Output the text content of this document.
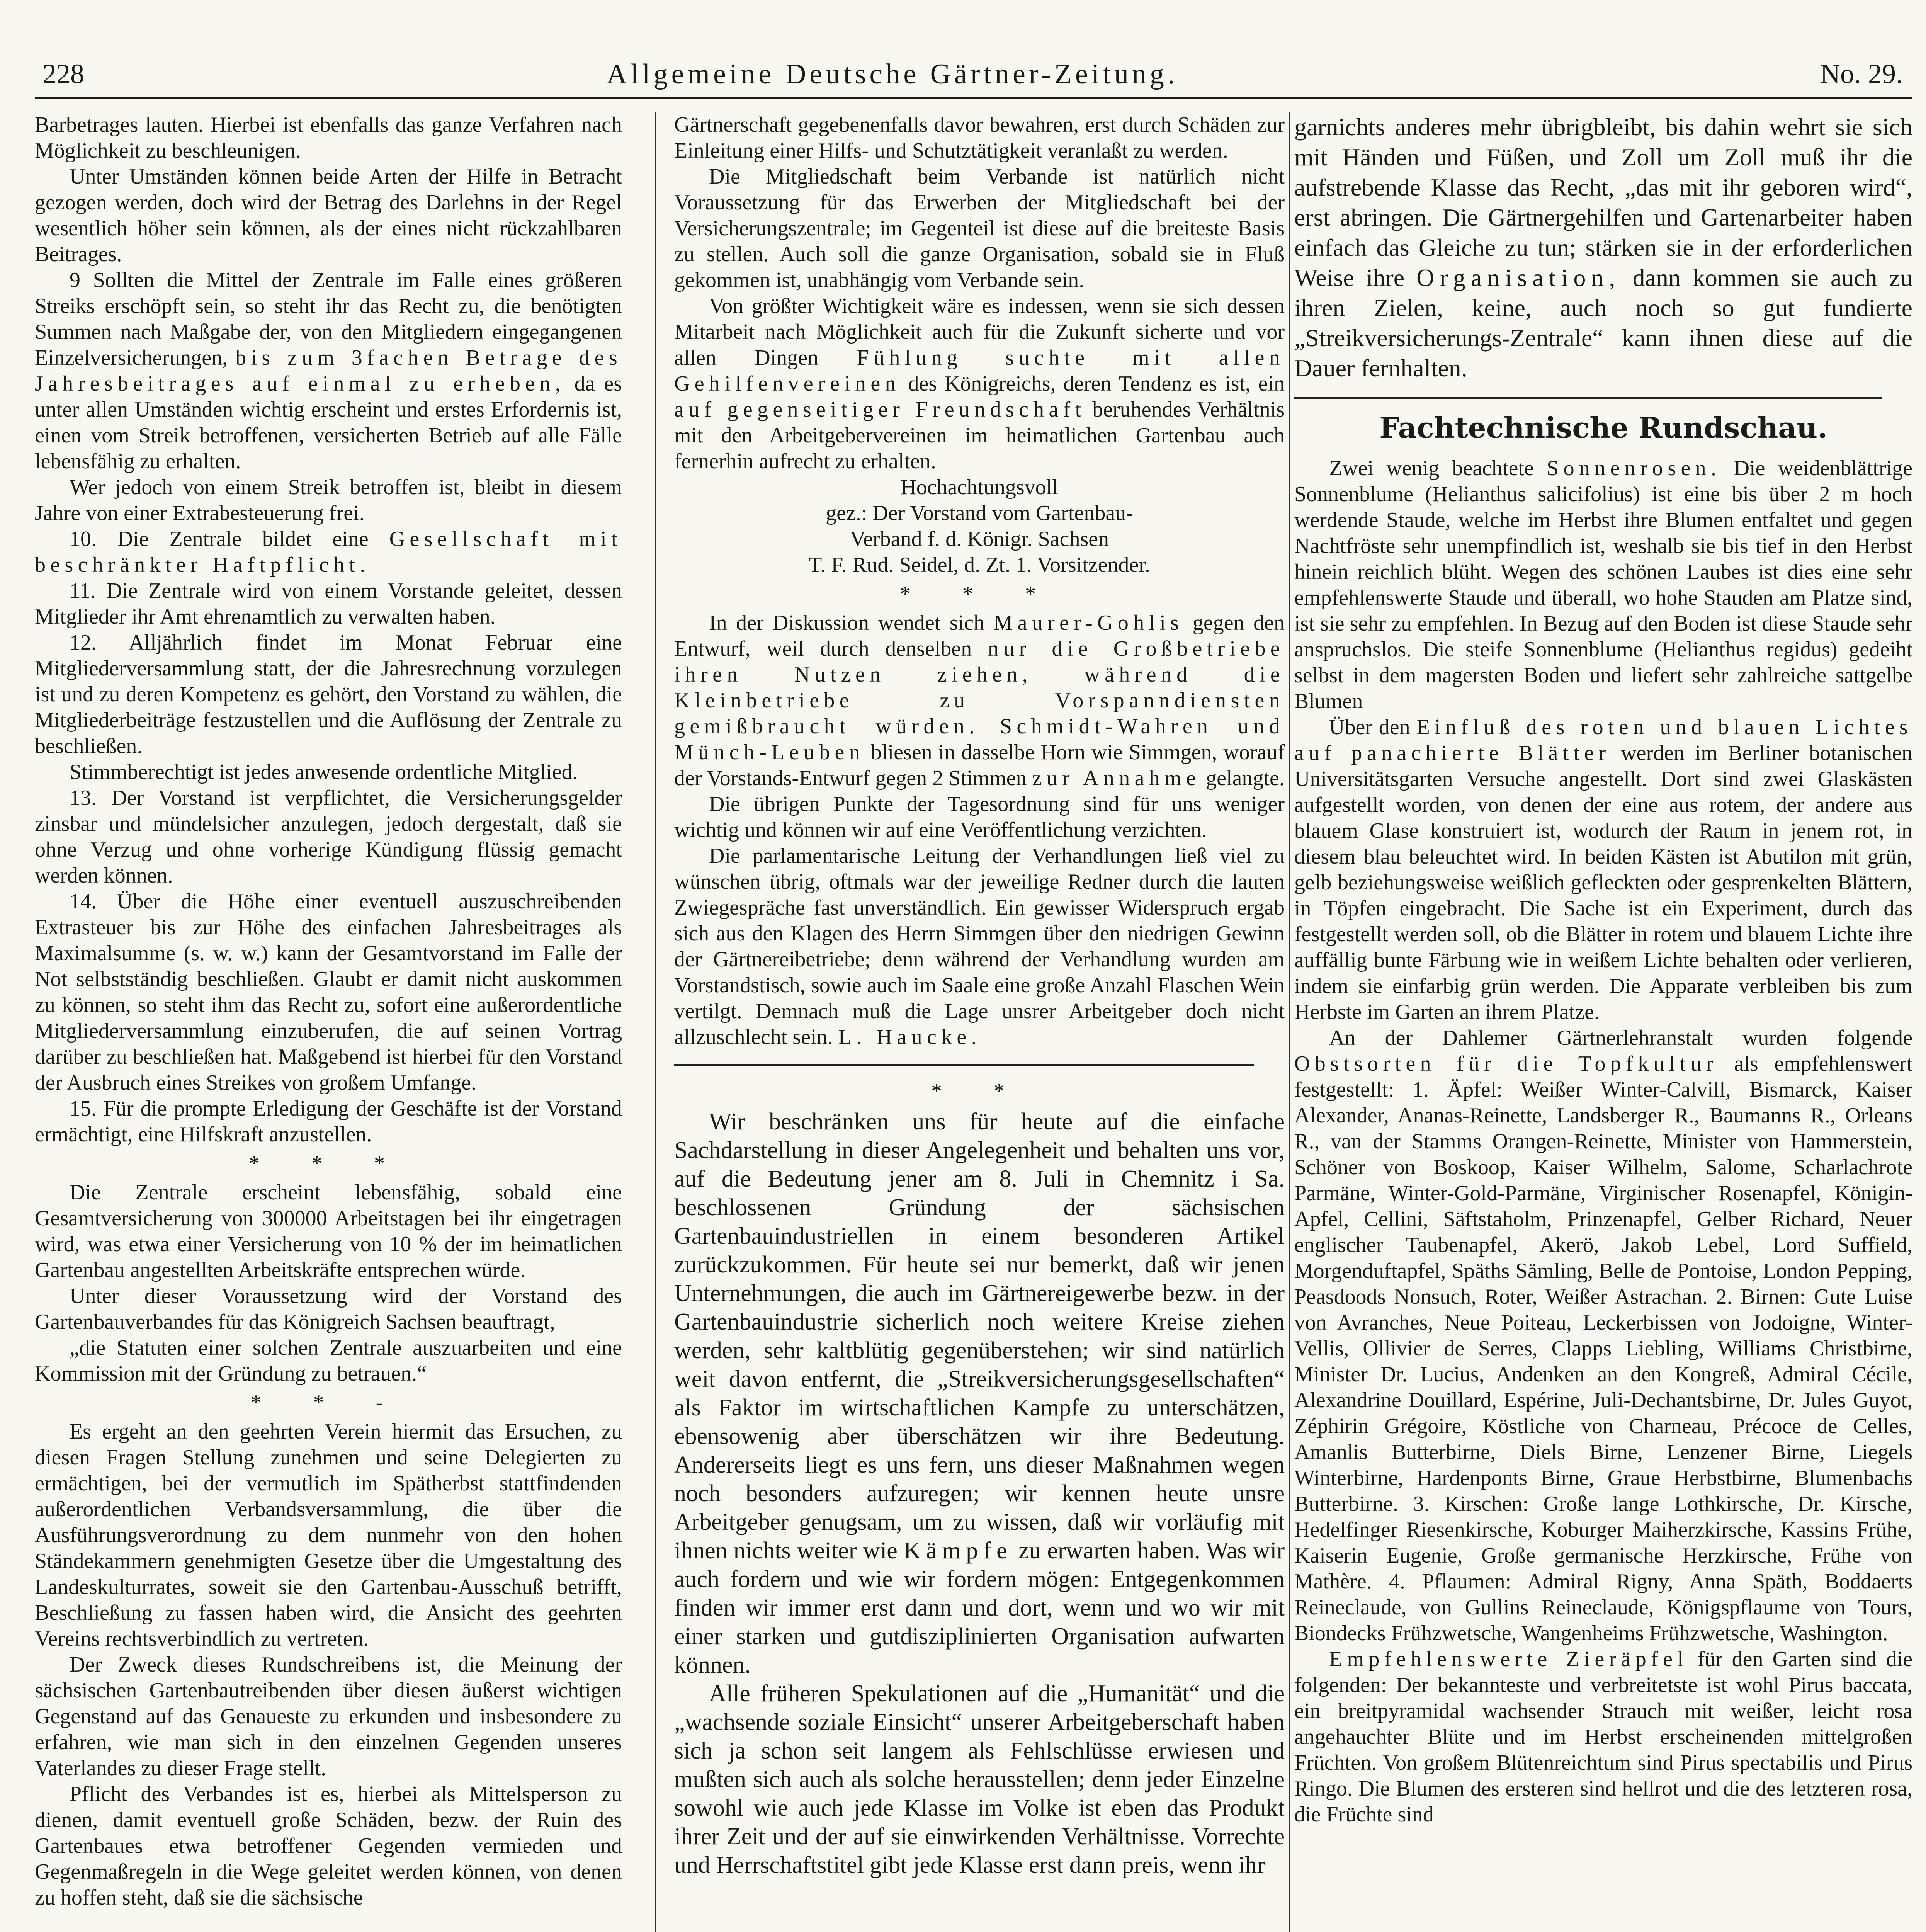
228	Allgemeine Deutsche Gärtner-Zeitung.	No. 29.

Barbetrages lauten. Hierbei ist ebenfalls das ganze Verfahren nach Möglichkeit zu beschleunigen.

Unter Umständen können beide Arten der Hilfe in Betracht gezogen werden, doch wird der Betrag des Darlehns in der Regel wesentlich höher sein können, als der eines nicht rückzahlbaren Beitrages.

9 Sollten die Mittel der Zentrale im Falle eines größeren Streiks erschöpft sein, so steht ihr das Recht zu, die benötigten Summen nach Maßgabe der, von den Mitgliedern eingegangenen Einzelversicherungen, bis zum 3fachen Betrage des Jahresbeitrages auf einmal zu erheben, da es unter allen Umständen wichtig erscheint und erstes Erfordernis ist, einen vom Streik betroffenen, versicherten Betrieb auf alle Fälle lebensfähig zu erhalten.

Wer jedoch von einem Streik betroffen ist, bleibt in diesem Jahre von einer Extrabesteuerung frei.

10. Die Zentrale bildet eine Gesellschaft mit beschränkter Haftpflicht.

11. Die Zentrale wird von einem Vorstande geleitet, dessen Mitglieder ihr Amt ehrenamtlich zu verwalten haben.

12. Alljährlich findet im Monat Februar eine Mitgliederversammlung statt, der die Jahresrechnung vorzulegen ist und zu deren Kompetenz es gehört, den Vorstand zu wählen, die Mitgliederbeiträge festzustellen und die Auflösung der Zentrale zu beschließen.

Stimmberechtigt ist jedes anwesende ordentliche Mitglied.

13. Der Vorstand ist verpflichtet, die Versicherungsgelder zinsbar und mündelsicher anzulegen, jedoch dergestalt, daß sie ohne Verzug und ohne vorherige Kündigung flüssig gemacht werden können.

14. Über die Höhe einer eventuell auszuschreibenden Extrasteuer bis zur Höhe des einfachen Jahresbeitrages als Maximalsumme (s. w. w.) kann der Gesamtvorstand im Falle der Not selbstständig beschließen. Glaubt er damit nicht auskommen zu können, so steht ihm das Recht zu, sofort eine außerordentliche Mitgliederversammlung einzuberufen, die auf seinen Vortrag darüber zu beschließen hat. Maßgebend ist hierbei für den Vorstand der Ausbruch eines Streikes von großem Umfange.

15. Für die prompte Erledigung der Geschäfte ist der Vorstand ermächtigt, eine Hilfskraft anzustellen.

* * *

Die Zentrale erscheint lebensfähig, sobald eine Gesamtversicherung von 300000 Arbeitstagen bei ihr eingetragen wird, was etwa einer Versicherung von 10 % der im heimatlichen Gartenbau angestellten Arbeitskräfte entsprechen würde.

Unter dieser Voraussetzung wird der Vorstand des Gartenbauverbandes für das Königreich Sachsen beauftragt,

„die Statuten einer solchen Zentrale auszuarbeiten und eine Kommission mit der Gründung zu betrauen.“

* * -

Es ergeht an den geehrten Verein hiermit das Ersuchen, zu diesen Fragen Stellung zunehmen und seine Delegierten zu ermächtigen, bei der vermutlich im Spätherbst stattfindenden außerordentlichen Verbandsversammlung, die über die Ausführungsverordnung zu dem nunmehr von den hohen Ständekammern genehmigten Gesetze über die Umgestaltung des Landeskulturrates, soweit sie den Gartenbau-Ausschuß betrifft, Beschließung zu fassen haben wird, die Ansicht des geehrten Vereins rechtsverbindlich zu vertreten.

Der Zweck dieses Rundschreibens ist, die Meinung der sächsischen Gartenbautreibenden über diesen äußerst wichtigen Gegenstand auf das Genaueste zu erkunden und insbesondere zu erfahren, wie man sich in den einzelnen Gegenden unseres Vaterlandes zu dieser Frage stellt.

Pflicht des Verbandes ist es, hierbei als Mittelsperson zu dienen, damit eventuell große Schäden, bezw. der Ruin des Gartenbaues etwa betroffener Gegenden vermieden und Gegenmaßregeln in die Wege geleitet werden können, von denen zu hoffen steht, daß sie die sächsische

Gärtnerschaft gegebenenfalls davor bewahren, erst durch Schäden zur Einleitung einer Hilfs- und Schutztätigkeit veranlaßt zu werden.

Die Mitgliedschaft beim Verbande ist natürlich nicht Voraussetzung für das Erwerben der Mitgliedschaft bei der Versicherungszentrale; im Gegenteil ist diese auf die breiteste Basis zu stellen. Auch soll die ganze Organisation, sobald sie in Fluß gekommen ist, unabhängig vom Verbande sein.

Von größter Wichtigkeit wäre es indessen, wenn sie sich dessen Mitarbeit nach Möglichkeit auch für die Zukunft sicherte und vor allen Dingen Fühlung suchte mit allen Gehilfenvereinen des Königreichs, deren Tendenz es ist, ein auf gegenseitiger Freundschaft beruhendes Verhältnis mit den Arbeitgebervereinen im heimatlichen Gartenbau auch fernerhin aufrecht zu erhalten.

Hochachtungsvoll

gez.: Der Vorstand vom Gartenbau-

Verband f. d. Königr. Sachsen

T. F. Rud. Seidel, d. Zt. 1. Vorsitzender.

* * *

In der Diskussion wendet sich Maurer-Gohlis gegen den Entwurf, weil durch denselben nur die Großbetriebe ihren Nutzen ziehen, während die Kleinbetriebe zu Vorspanndiensten gemißbraucht würden. Schmidt-Wahren und Münch-Leuben bliesen in dasselbe Horn wie Simmgen, worauf der Vorstands-Entwurf gegen 2 Stimmen zur Annahme gelangte.

Die übrigen Punkte der Tagesordnung sind für uns weniger wichtig und können wir auf eine Veröffentlichung verzichten.

Die parlamentarische Leitung der Verhandlungen ließ viel zu wünschen übrig, oftmals war der jeweilige Redner durch die lauten Zwiegespräche fast unverständlich. Ein gewisser Widerspruch ergab sich aus den Klagen des Herrn Simmgen über den niedrigen Gewinn der Gärtnereibetriebe; denn während der Verhandlung wurden am Vorstandstisch, sowie auch im Saale eine große Anzahl Flaschen Wein vertilgt. Demnach muß die Lage unsrer Arbeitgeber doch nicht allzuschlecht sein. L. Haucke.

* *

Wir beschränken uns für heute auf die einfache Sachdarstellung in dieser Angelegenheit und behalten uns vor, auf die Bedeutung jener am 8. Juli in Chemnitz i Sa. beschlossenen Gründung der sächsischen Gartenbauindustriellen in einem besonderen Artikel zurückzukommen. Für heute sei nur bemerkt, daß wir jenen Unternehmungen, die auch im Gärtnereigewerbe bezw. in der Gartenbauindustrie sicherlich noch weitere Kreise ziehen werden, sehr kaltblütig gegenüberstehen; wir sind natürlich weit davon entfernt, die „Streikversicherungsgesellschaften“ als Faktor im wirtschaftlichen Kampfe zu unterschätzen, ebensowenig aber überschätzen wir ihre Bedeutung. Andererseits liegt es uns fern, uns dieser Maßnahmen wegen noch besonders aufzuregen; wir kennen heute unsre Arbeitgeber genugsam, um zu wissen, daß wir vorläufig mit ihnen nichts weiter wie Kämpfe zu erwarten haben. Was wir auch fordern und wie wir fordern mögen: Entgegenkommen finden wir immer erst dann und dort, wenn und wo wir mit einer starken und gutdisziplinierten Organisation aufwarten können.

Alle früheren Spekulationen auf die „Humanität“ und die „wachsende soziale Einsicht“ unserer Arbeitgeberschaft haben sich ja schon seit langem als Fehlschlüsse erwiesen und mußten sich auch als solche herausstellen; denn jeder Einzelne sowohl wie auch jede Klasse im Volke ist eben das Produkt ihrer Zeit und der auf sie einwirkenden Verhältnisse. Vorrechte und Herrschaftstitel gibt jede Klasse erst dann preis, wenn ihr

garnichts anderes mehr übrigbleibt, bis dahin wehrt sie sich mit Händen und Füßen, und Zoll um Zoll muß ihr die aufstrebende Klasse das Recht, „das mit ihr geboren wird“, erst abringen. Die Gärtnergehilfen und Gartenarbeiter haben einfach das Gleiche zu tun; stärken sie in der erforderlichen Weise ihre Organisation, dann kommen sie auch zu ihren Zielen, keine, auch noch so gut fundierte „Streikversicherungs-Zentrale“ kann ihnen diese auf die Dauer fernhalten.

Fachtechnische Rundschau.

Zwei wenig beachtete Sonnenrosen. Die weidenblättrige Sonnenblume (Helianthus salicifolius) ist eine bis über 2 m hoch werdende Staude, welche im Herbst ihre Blumen entfaltet und gegen Nachtfröste sehr unempfindlich ist, weshalb sie bis tief in den Herbst hinein reichlich blüht. Wegen des schönen Laubes ist dies eine sehr empfehlenswerte Staude und überall, wo hohe Stauden am Platze sind, ist sie sehr zu empfehlen. In Bezug auf den Boden ist diese Staude sehr anspruchslos. Die steife Sonnenblume (Helianthus regidus) gedeiht selbst in dem magersten Boden und liefert sehr zahlreiche sattgelbe Blumen

Über den Einfluß des roten und blauen Lichtes auf panachierte Blätter werden im Berliner botanischen Universitätsgarten Versuche angestellt. Dort sind zwei Glaskästen aufgestellt worden, von denen der eine aus rotem, der andere aus blauem Glase konstruiert ist, wodurch der Raum in jenem rot, in diesem blau beleuchtet wird. In beiden Kästen ist Abutilon mit grün, gelb beziehungsweise weißlich gefleckten oder gesprenkelten Blättern, in Töpfen eingebracht. Die Sache ist ein Experiment, durch das festgestellt werden soll, ob die Blätter in rotem und blauem Lichte ihre auffällig bunte Färbung wie in weißem Lichte behalten oder verlieren, indem sie einfarbig grün werden. Die Apparate verbleiben bis zum Herbste im Garten an ihrem Platze.

An der Dahlemer Gärtnerlehranstalt wurden folgende Obstsorten für die Topfkultur als empfehlenswert festgestellt: 1. Äpfel: Weißer Winter-Calvill, Bismarck, Kaiser Alexander, Ananas-Reinette, Landsberger R., Baumanns R., Orleans R., van der Stamms Orangen-Reinette, Minister von Hammerstein, Schöner von Boskoop, Kaiser Wilhelm, Salome, Scharlachrote Parmäne, Winter-Gold-Parmäne, Virginischer Rosenapfel, Königin-Apfel, Cellini, Säftstaholm, Prinzenapfel, Gelber Richard, Neuer englischer Taubenapfel, Akerö, Jakob Lebel, Lord Suffield, Morgenduftapfel, Späths Sämling, Belle de Pontoise, London Pepping, Peasdoods Nonsuch, Roter, Weißer Astrachan. 2. Birnen: Gute Luise von Avranches, Neue Poiteau, Leckerbissen von Jodoigne, Winter-Vellis, Ollivier de Serres, Clapps Liebling, Williams Christbirne, Minister Dr. Lucius, Andenken an den Kongreß, Admiral Cécile, Alexandrine Douillard, Espérine, Juli-Dechantsbirne, Dr. Jules Guyot, Zéphirin Grégoire, Köstliche von Charneau, Précoce de Celles, Amanlis Butterbirne, Diels Birne, Lenzener Birne, Liegels Winterbirne, Hardenponts Birne, Graue Herbstbirne, Blumenbachs Butterbirne. 3. Kirschen: Große lange Lothkirsche, Dr. Kirsche, Hedelfinger Riesenkirsche, Koburger Maiherzkirsche, Kassins Frühe, Kaiserin Eugenie, Große germanische Herzkirsche, Frühe von Mathère. 4. Pflaumen: Admiral Rigny, Anna Späth, Boddaerts Reineclaude, von Gullins Reineclaude, Königspflaume von Tours, Biondecks Frühzwetsche, Wangenheims Frühzwetsche, Washington.

Empfehlenswerte Zieräpfel für den Garten sind die folgenden: Der bekannteste und verbreitetste ist wohl Pirus baccata, ein breitpyramidal wachsender Strauch mit weißer, leicht rosa angehauchter Blüte und im Herbst erscheinenden mittelgroßen Früchten. Von großem Blütenreichtum sind Pirus spectabilis und Pirus Ringo. Die Blumen des ersteren sind hellrot und die des letzteren rosa, die Früchte sind
